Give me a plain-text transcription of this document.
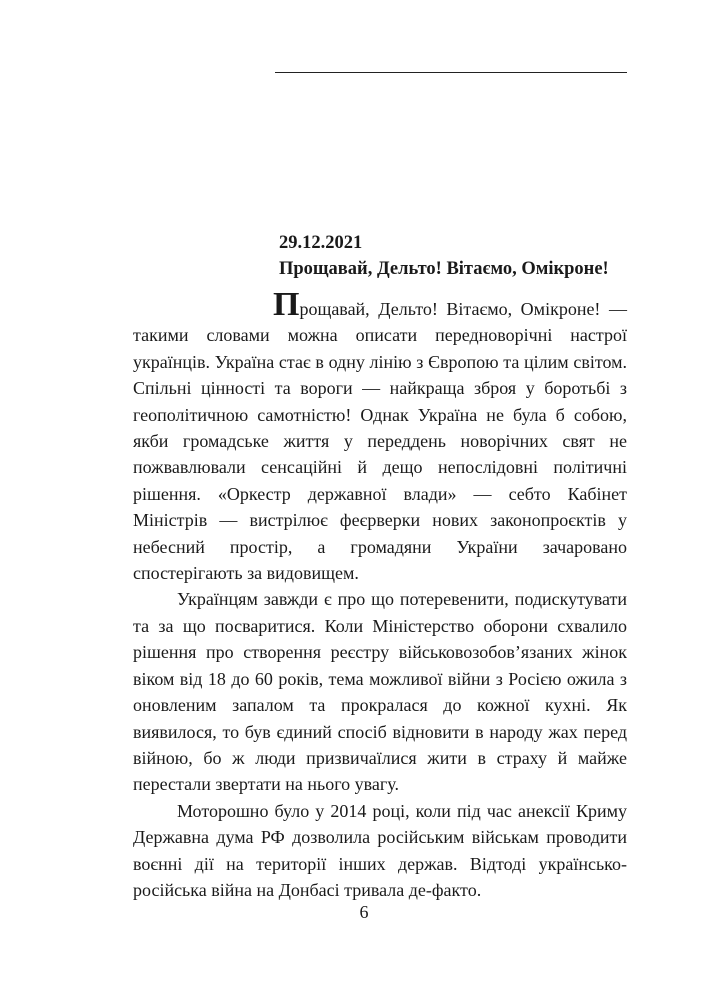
29.12.2021
Прощавай, Дельто! Вітаємо, Омікроне!

Прощавай, Дельто! Вітаємо, Омікроне! — такими словами можна описати передноворічні настрої українців. Україна стає в одну лінію з Європою та цілим світом. Спільні цінності та вороги — найкраща зброя у боротьбі з геополітичною самотністю! Однак Україна не була б собою, якби громадське життя у переддень новорічних свят не пожвавлювали сенсаційні й дещо непослідовні політичні рішення. «Оркестр державної влади» — себто Кабінет Міністрів — вистрілює феєрверки нових законопроєктів у небесний простір, а громадяни України зачаровано спостерігають за видовищем.

Українцям завжди є про що потеревенити, подискутувати та за що посваритися. Коли Міністерство оборони схвалило рішення про створення реєстру військовозобов’язаних жінок віком від 18 до 60 років, тема можливої війни з Росією ожила з оновленим запалом та прокралася до кожної кухні. Як виявилося, то був єдиний спосіб відновити в народу жах перед війною, бо ж люди призвичаїлися жити в страху й майже перестали звертати на нього увагу.

Моторошно було у 2014 році, коли під час анексії Криму Державна дума РФ дозволила російським військам проводити воєнні дії на території інших держав. Відтоді українсько-російська війна на Донбасі тривала де-факто.

6
